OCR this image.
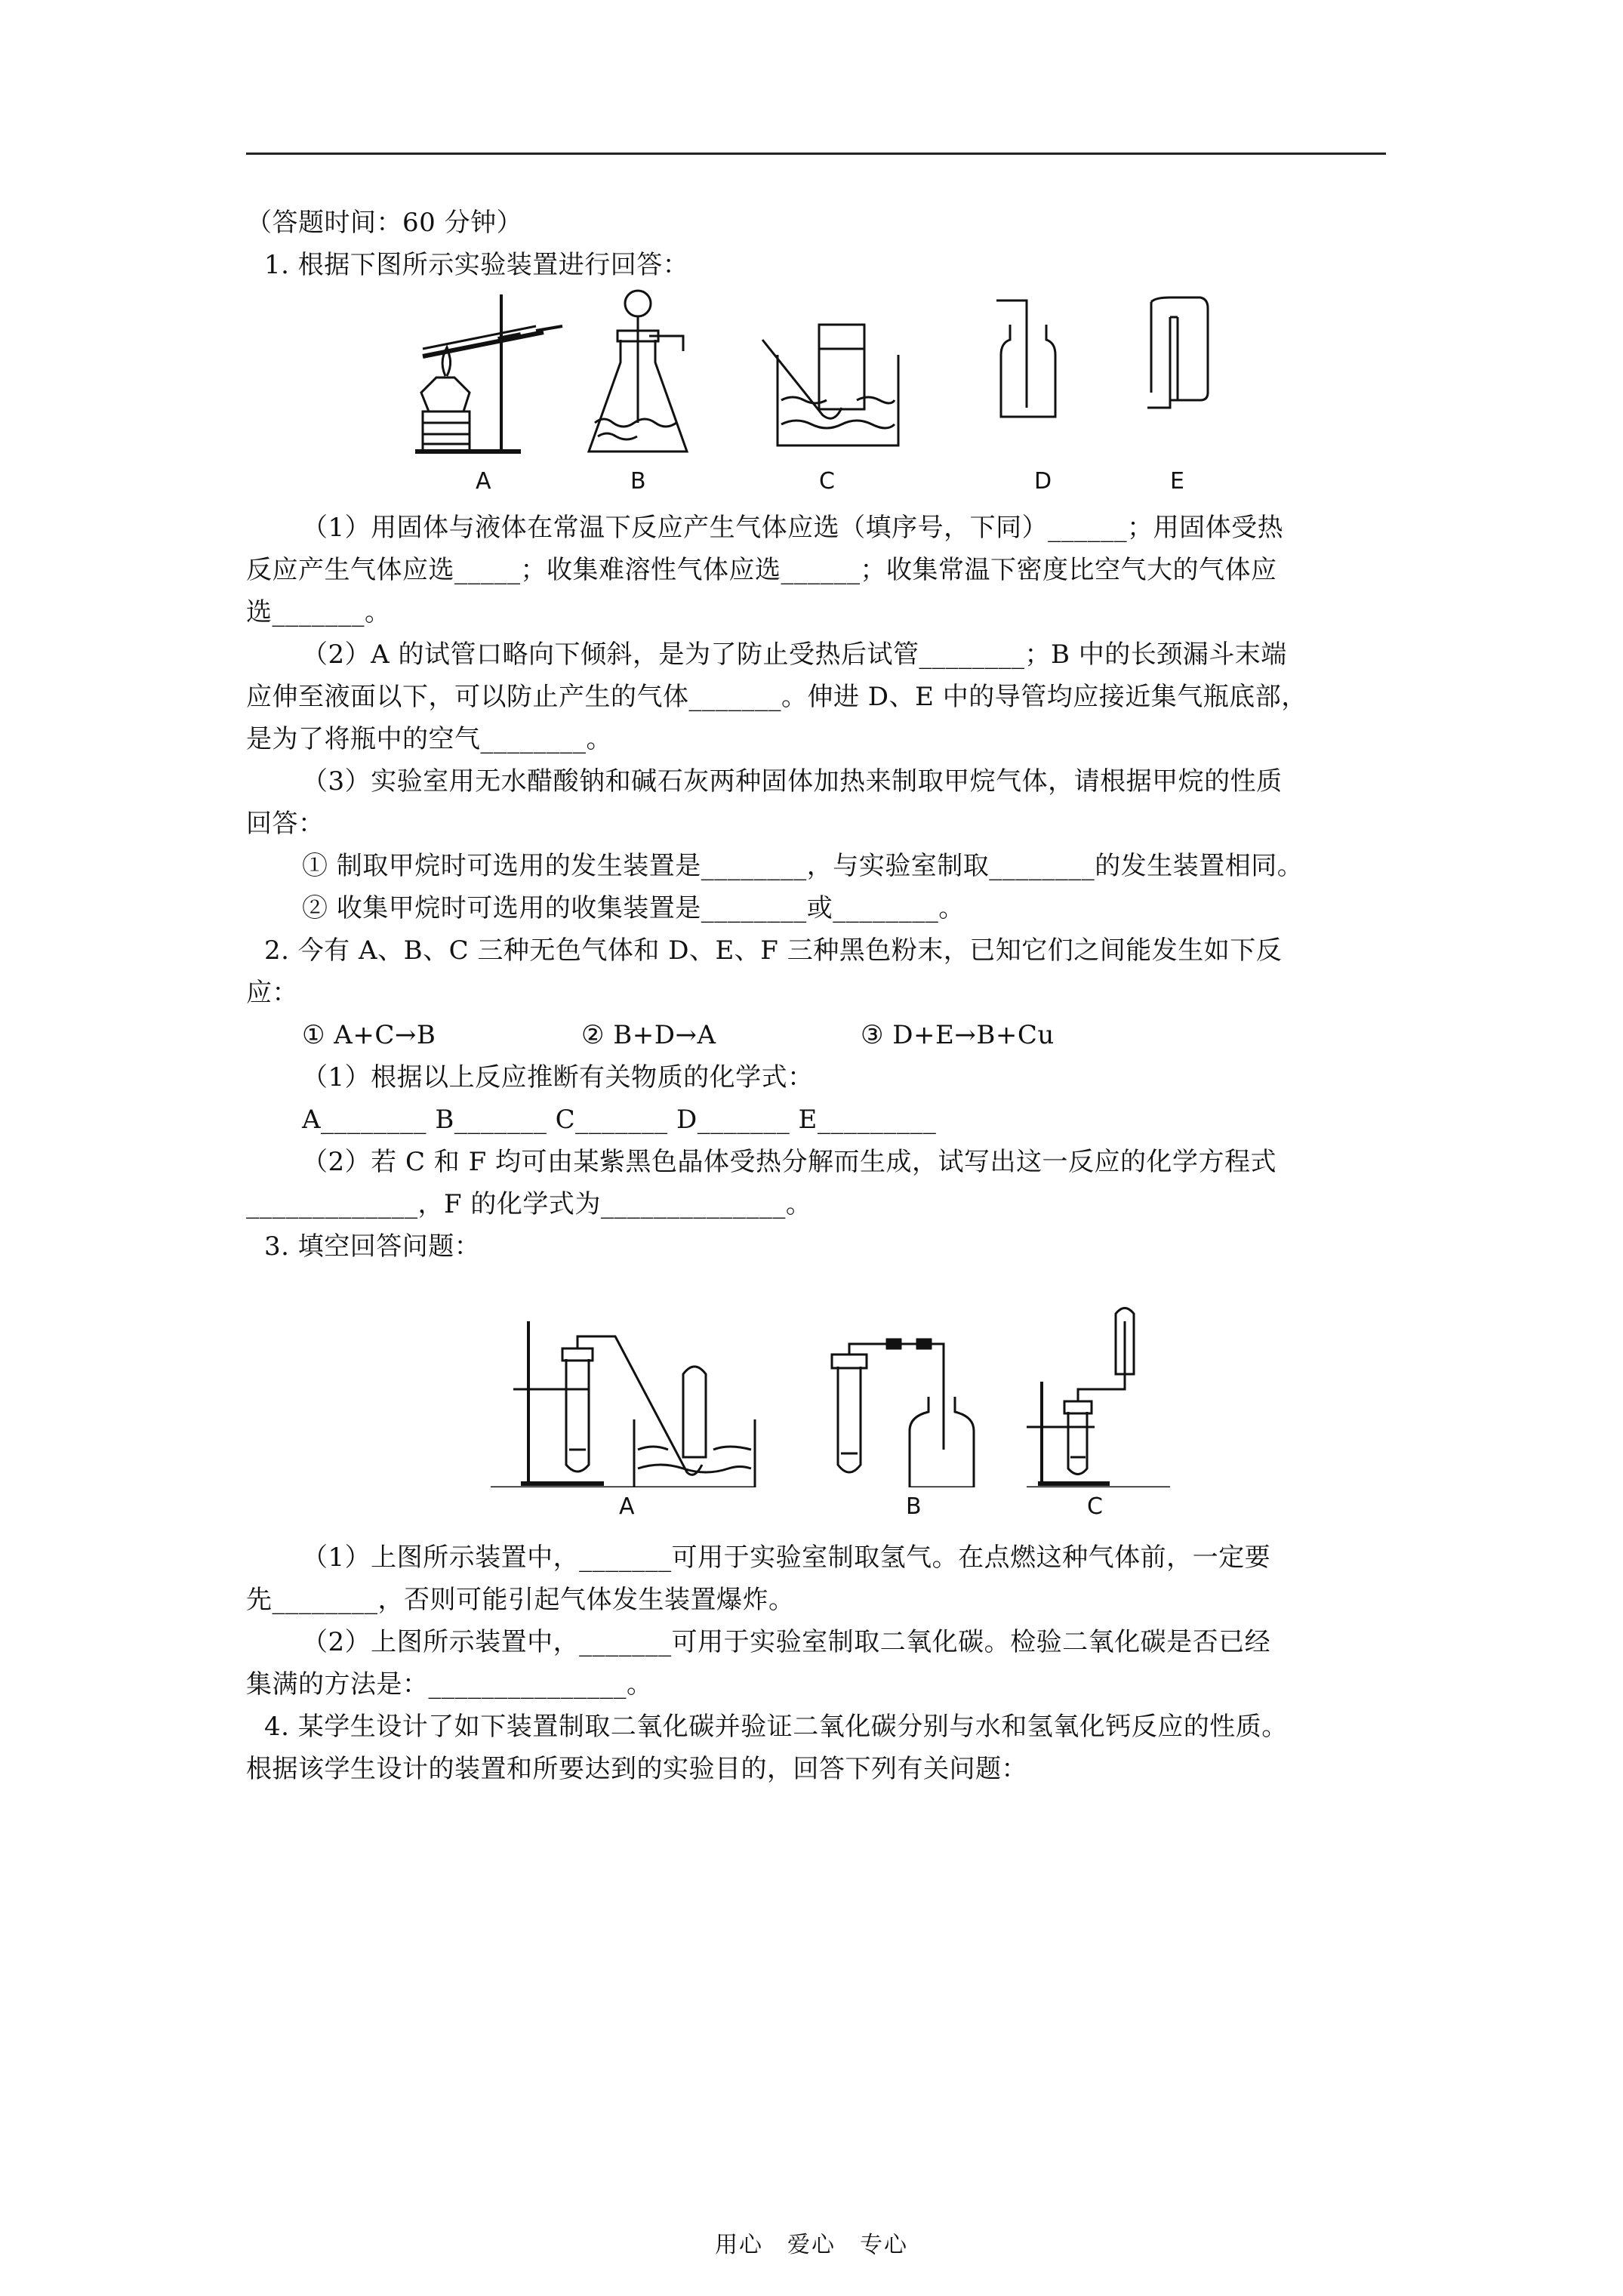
（答题时间：60 分钟）
1. 根据下图所示实验装置进行回答：
A	B	C	D	E
（1）用固体与液体在常温下反应产生气体应选（填序号，下同）______；用固体受热
反应产生气体应选_____；收集难溶性气体应选______；收集常温下密度比空气大的气体应
选_______。
（2）A 的试管口略向下倾斜，是为了防止受热后试管________；B 中的长颈漏斗末端
应伸至液面以下，可以防止产生的气体_______。伸进 D、E 中的导管均应接近集气瓶底部，
是为了将瓶中的空气________。
（3）实验室用无水醋酸钠和碱石灰两种固体加热来制取甲烷气体，请根据甲烷的性质
回答：
① 制取甲烷时可选用的发生装置是________，与实验室制取________的发生装置相同。
② 收集甲烷时可选用的收集装置是________或________。
2. 今有 A、B、C 三种无色气体和 D、E、F 三种黑色粉末，已知它们之间能发生如下反
应：
① A+C→B	② B+D→A	③ D+E→B+Cu
（1）根据以上反应推断有关物质的化学式：
A________ B_______ C_______ D_______ E_________
（2）若 C 和 F 均可由某紫黑色晶体受热分解而生成，试写出这一反应的化学方程式
_____________，F 的化学式为______________。
3. 填空回答问题：
A	B	C
（1）上图所示装置中，_______可用于实验室制取氢气。在点燃这种气体前，一定要
先________，否则可能引起气体发生装置爆炸。
（2）上图所示装置中，_______可用于实验室制取二氧化碳。检验二氧化碳是否已经
集满的方法是：_______________。
4. 某学生设计了如下装置制取二氧化碳并验证二氧化碳分别与水和氢氧化钙反应的性质。
根据该学生设计的装置和所要达到的实验目的，回答下列有关问题：
用心　爱心　专心
